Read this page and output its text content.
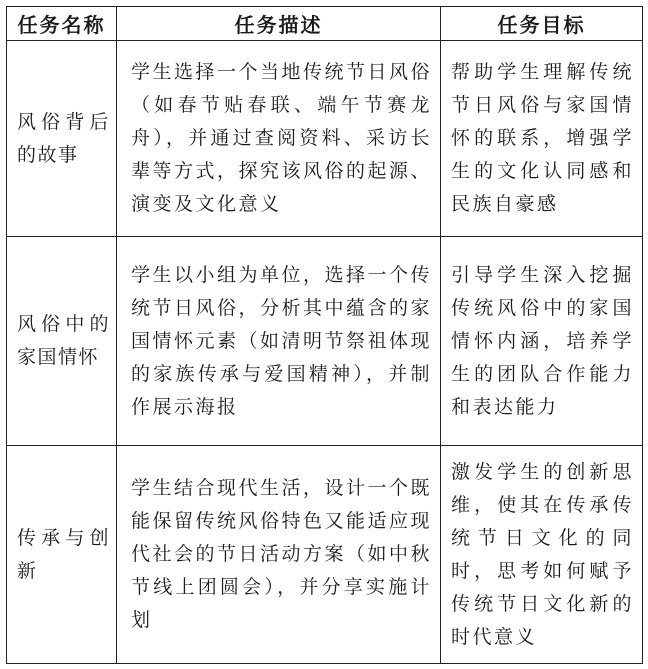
任务名称	任务描述	任务目标
风俗背后的故事	学生选择一个当地传统节日风俗（如春节贴春联、端午节赛龙舟），并通过查阅资料、采访长辈等方式，探究该风俗的起源、演变及文化意义	帮助学生理解传统节日风俗与家国情怀的联系，增强学生的文化认同感和民族自豪感
风俗中的家国情怀	学生以小组为单位，选择一个传统节日风俗，分析其中蕴含的家国情怀元素（如清明节祭祖体现的家族传承与爱国精神），并制作展示海报	引导学生深入挖掘传统风俗中的家国情怀内涵，培养学生的团队合作能力和表达能力
传承与创新	学生结合现代生活，设计一个既能保留传统风俗特色又能适应现代社会的节日活动方案（如中秋节线上团圆会），并分享实施计划	激发学生的创新思维，使其在传承传统节日文化的同时，思考如何赋予传统节日文化新的时代意义
